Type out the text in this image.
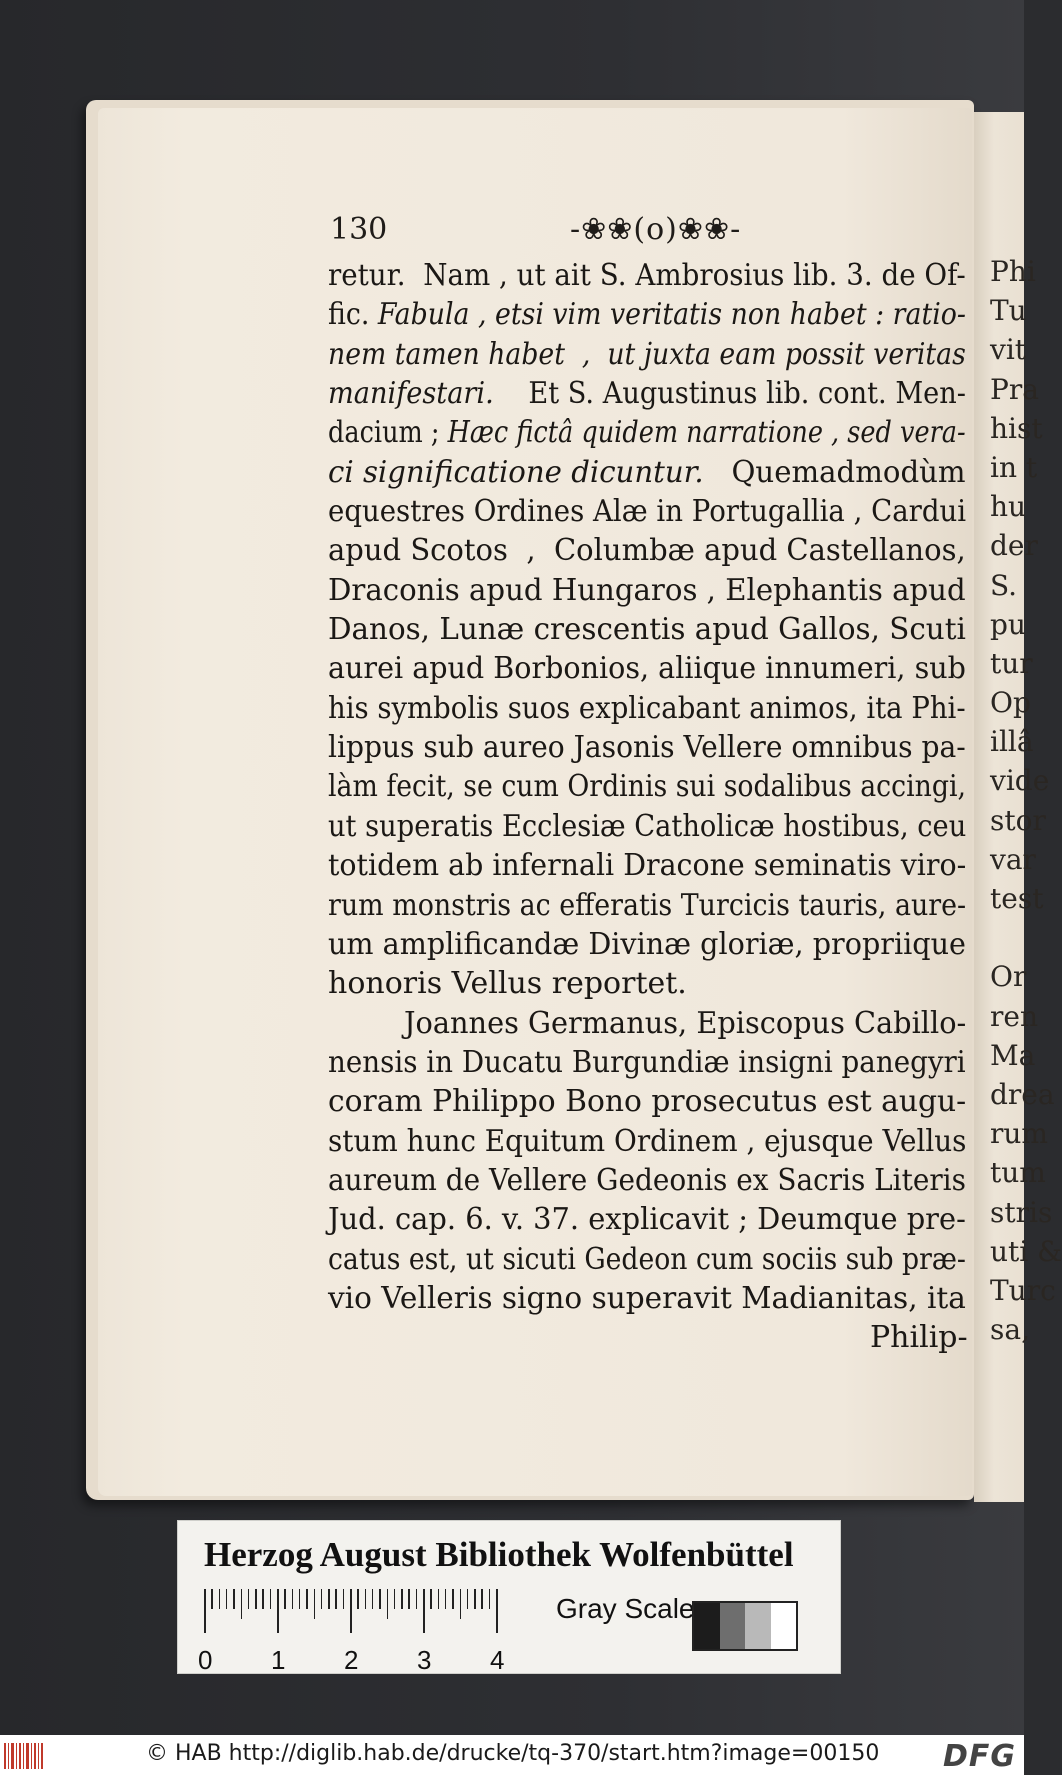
Phi
Tu
vit
Pra
hist
in t
hu
der
S.
pu
tur
Op
illâ
vide
stor
var
test
Or
ren
Ma
drea
rum
tum
stris
uti &
Turc
sa,
130	-❀❀(o)❀❀-
retur.  Nam , ut ait S. Ambrosius lib. 3. de Of-
fic. Fabula , etsi vim veritatis non habet : ratio-
nem tamen habet  ,  ut juxta eam possit veritas
manifestari.    Et S. Augustinus lib. cont. Men-
dacium ; Hæc fictâ quidem narratione , sed vera-
ci significatione dicuntur.   Quemadmodùm
equestres Ordines Alæ in Portugallia , Cardui
apud Scotos  ,  Columbæ apud Castellanos,
Draconis apud Hungaros , Elephantis apud
Danos, Lunæ crescentis apud Gallos, Scuti
aurei apud Borbonios, aliique innumeri, sub
his symbolis suos explicabant animos, ita Phi-
lippus sub aureo Jasonis Vellere omnibus pa-
làm fecit, se cum Ordinis sui sodalibus accingi,
ut superatis Ecclesiæ Catholicæ hostibus, ceu
totidem ab infernali Dracone seminatis viro-
rum monstris ac efferatis Turcicis tauris, aure-
um amplificandæ Divinæ gloriæ, propriique
honoris Vellus reportet.
Joannes Germanus, Episcopus Cabillo-
nensis in Ducatu Burgundiæ insigni panegyri
coram Philippo Bono prosecutus est augu-
stum hunc Equitum Ordinem , ejusque Vellus
aureum de Vellere Gedeonis ex Sacris Literis
Jud. cap. 6. v. 37. explicavit ; Deumque pre-
catus est, ut sicuti Gedeon cum sociis sub præ-
vio Velleris signo superavit Madianitas, ita
Philip-
Herzog August Bibliothek Wolfenbüttel
0 1 2 3 4
Gray Scale
© HAB http://diglib.hab.de/drucke/tq-370/start.htm?image=00150 DFG
